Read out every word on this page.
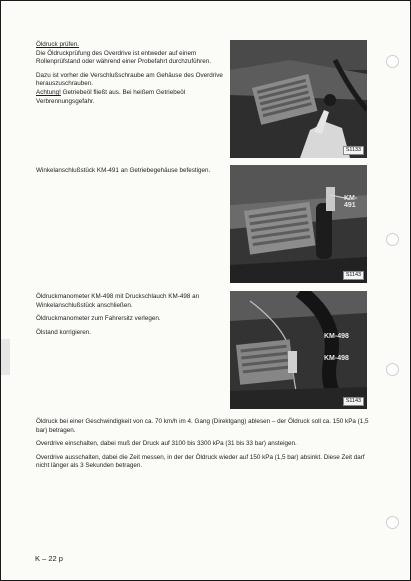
Öldruck prüfen.

Die Öldruckprüfung des Overdrive ist entweder auf einem Rollenprüfstand oder während einer Probefahrt durchzuführen.

Dazu ist vorher die Verschlußschraube am Gehäuse des Overdrive herauszuschrauben.

Achtung! Getriebeöl fließt aus. Bei heißem Getriebeöl Verbrennungsgefahr.

S1133

Winkelanschlußstück KM-491 an Getriebegehäuse befestigen.

KM-491
S1143

Öldruckmanometer KM-498 mit Druckschlauch KM-498 an Winkelanschlußstück anschließen.

Öldruckmanometer zum Fahrersitz verlegen.

Ölstand korrigieren.

KM-498
KM-498
S1143

Öldruck bei einer Geschwindigkeit von ca. 70 km/h im 4. Gang (Direktgang) ablesen – der Öldruck soll ca. 150 kPa (1,5 bar) betragen.

Overdrive einschalten, dabei muß der Druck auf 3100 bis 3300 kPa (31 bis 33 bar) ansteigen.

Overdrive ausschalten, dabei die Zeit messen, in der der Öldruck wieder auf 150 kPa (1,5 bar) absinkt. Diese Zeit darf nicht länger als 3 Sekunden betragen.

K – 22 p
